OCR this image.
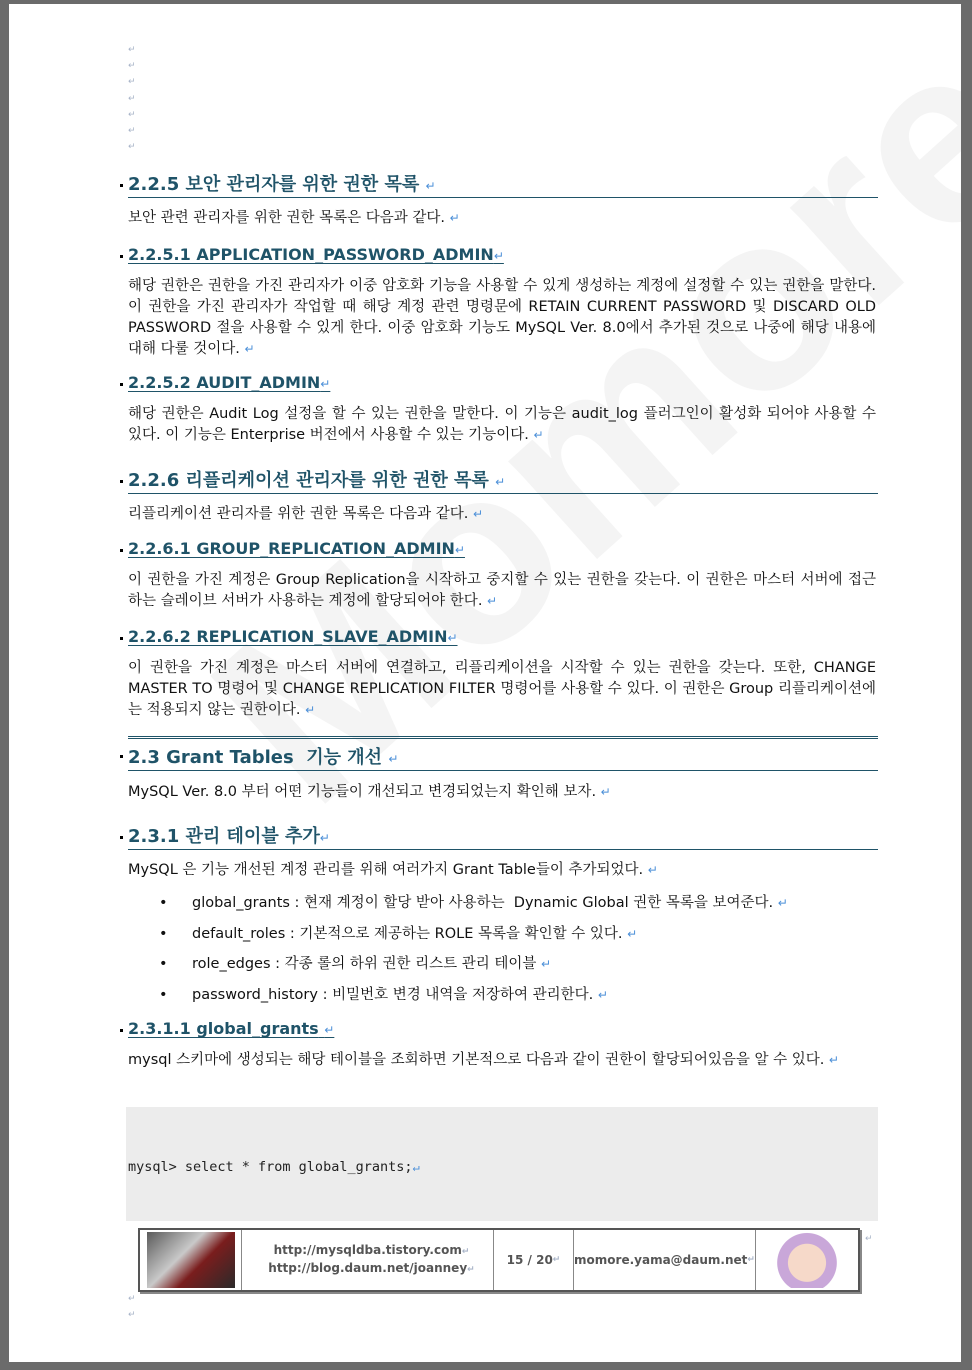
↵
↵
↵
↵
↵
↵
↵
2.2.5 보안 관리자를 위한 권한 목록 ↵
보안 관련 관리자를 위한 권한 목록은 다음과 같다. ↵
2.2.5.1 APPLICATION_PASSWORD_ADMIN↵
해당 권한은 권한을 가진 관리자가 이중 암호화 기능을 사용할 수 있게 생성하는 계정에 설정할 수 있는 권한을 말한다. 이 권한을 가진 관리자가 작업할 때 해당 계정 관련 명령문에 RETAIN CURRENT PASSWORD 및 DISCARD OLD PASSWORD 절을 사용할 수 있게 한다. 이중 암호화 기능도 MySQL Ver. 8.0에서 추가된 것으로 나중에 해당 내용에 대해 다룰 것이다. ↵
2.2.5.2 AUDIT_ADMIN↵
해당 권한은 Audit Log 설정을 할 수 있는 권한을 말한다. 이 기능은 audit_log 플러그인이 활성화 되어야 사용할 수 있다. 이 기능은 Enterprise 버전에서 사용할 수 있는 기능이다. ↵
2.2.6 리플리케이션 관리자를 위한 권한 목록 ↵
리플리케이션 관리자를 위한 권한 목록은 다음과 같다. ↵
2.2.6.1 GROUP_REPLICATION_ADMIN↵
이 권한을 가진 계정은 Group Replication을 시작하고 중지할 수 있는 권한을 갖는다. 이 권한은 마스터 서버에 접근하는 슬레이브 서버가 사용하는 계정에 할당되어야 한다. ↵
2.2.6.2 REPLICATION_SLAVE_ADMIN↵
이 권한을 가진 계정은 마스터 서버에 연결하고, 리플리케이션을 시작할 수 있는 권한을 갖는다. 또한, CHANGE MASTER TO 명령어 및 CHANGE REPLICATION FILTER 명령어를 사용할 수 있다. 이 권한은 Group 리플리케이션에는 적용되지 않는 권한이다. ↵
2.3 Grant Tables  기능 개선 ↵
MySQL Ver. 8.0 부터 어떤 기능들이 개선되고 변경되었는지 확인해 보자. ↵
2.3.1 관리 테이블 추가↵
MySQL 은 기능 개선된 계정 관리를 위해 여러가지 Grant Table들이 추가되었다. ↵
• global_grants : 현재 계정이 할당 받아 사용하는  Dynamic Global 권한 목록을 보여준다. ↵
• default_roles : 기본적으로 제공하는 ROLE 목록을 확인할 수 있다. ↵
• role_edges : 각종 롤의 하위 권한 리스트 관리 테이블 ↵
• password_history : 비밀번호 변경 내역을 저장하여 관리한다. ↵
2.3.1.1 global_grants ↵
mysql 스키마에 생성되는 해당 테이블을 조회하면 기본적으로 다음과 같이 권한이 할당되어있음을 알 수 있다. ↵

mysql> select * from global_grants;↵

http://mysqldba.tistory.com↵
http://blog.daum.net/joanney↵
15 / 20 ↵ momore.yama@daum.net ↵
↵
↵
↵
